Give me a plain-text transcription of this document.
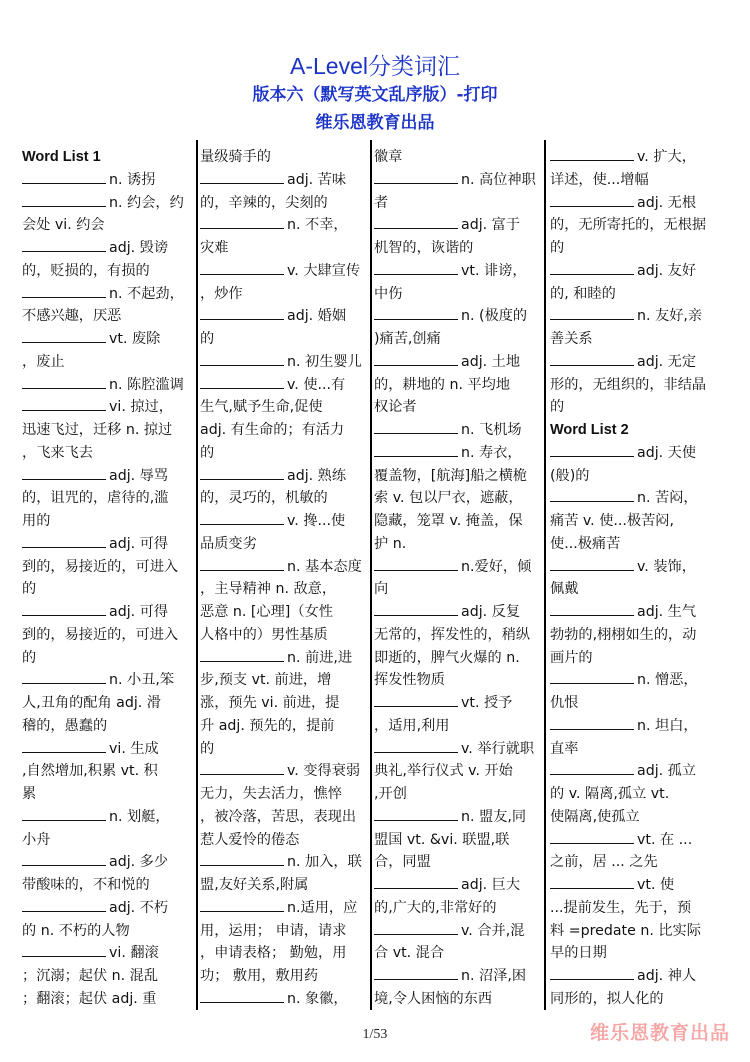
A-Level分类词汇
版本六（默写英文乱序版）-打印
维乐恩教育出品
Word List 1
n. 诱拐
n. 约会，约
会处 vi. 约会
adj. 毁谤
的，贬损的，有损的
n. 不起劲，
不感兴趣，厌恶
vt. 废除
，废止
n. 陈腔滥调
vi. 掠过，
迅速飞过，迁移 n. 掠过
，飞来飞去
adj. 辱骂
的，诅咒的，虐待的,滥
用的
adj. 可得
到的，易接近的，可进入
的
adj. 可得
到的，易接近的，可进入
的
n. 小丑,笨
人,丑角的配角 adj. 滑
稽的，愚蠢的
vi. 生成
,自然增加,积累 vt. 积
累
n. 划艇，
小舟
adj. 多少
带酸味的，不和悦的
adj. 不朽
的 n. 不朽的人物
vi. 翻滚
；沉溺；起伏 n. 混乱
；翻滚；起伏 adj. 重
量级骑手的
adj. 苦味
的，辛辣的，尖刻的
n. 不幸，
灾难
v. 大肆宣传
，炒作
adj. 婚姻
的
n. 初生婴儿
v. 使...有
生气,赋予生命,促使
adj. 有生命的；有活力
的
adj. 熟练
的，灵巧的，机敏的
v. 搀...使
品质变劣
n. 基本态度
，主导精神 n. 敌意，
恶意 n. [心理]（女性
人格中的）男性基质
n. 前进,进
步,预支 vt. 前进，增
涨，预先 vi. 前进，提
升 adj. 预先的，提前
的
v. 变得衰弱
无力，失去活力，憔悴
，被冷落，苦思，表现出
惹人爱怜的倦态
n. 加入，联
盟,友好关系,附属
n.适用，应
用，运用； 申请，请求
，申请表格； 勤勉，用
功； 敷用，敷用药
n. 象徽，
徽章
n. 高位神职
者
adj. 富于
机智的，诙谐的
vt. 诽谤，
中伤
n. (极度的
)痛苦,创痛
adj. 土地
的，耕地的 n. 平均地
权论者
n. 飞机场
n. 寿衣，
覆盖物，[航海]船之横桅
索 v. 包以尸衣，遮蔽，
隐藏，笼罩 v. 掩盖，保
护 n.
n.爱好，倾
向
adj. 反复
无常的，挥发性的，稍纵
即逝的，脾气火爆的 n.
挥发性物质
vt. 授予
，适用,利用
v. 举行就职
典礼,举行仪式 v. 开始
,开创
n. 盟友,同
盟国 vt. &vi. 联盟,联
合，同盟
adj. 巨大
的,广大的,非常好的
v. 合并,混
合 vt. 混合
n. 沼泽,困
境,令人困恼的东西
v. 扩大，
详述，使...增幅
adj. 无根
的，无所寄托的，无根据
的
adj. 友好
的, 和睦的
n. 友好,亲
善关系
adj. 无定
形的，无组织的，非结晶
的
Word List 2
adj. 天使
(般)的
n. 苦闷，
痛苦 v. 使...极苦闷,
使...极痛苦
v. 装饰，
佩戴
adj. 生气
勃勃的,栩栩如生的，动
画片的
n. 憎恶，
仇恨
n. 坦白，
直率
adj. 孤立
的 v. 隔离,孤立 vt.
使隔离,使孤立
vt. 在 ...
之前，居 ... 之先
vt. 使
...提前发生，先于，预
料 =predate n. 比实际
早的日期
adj. 神人
同形的，拟人化的
1/53	维乐恩教育出品
